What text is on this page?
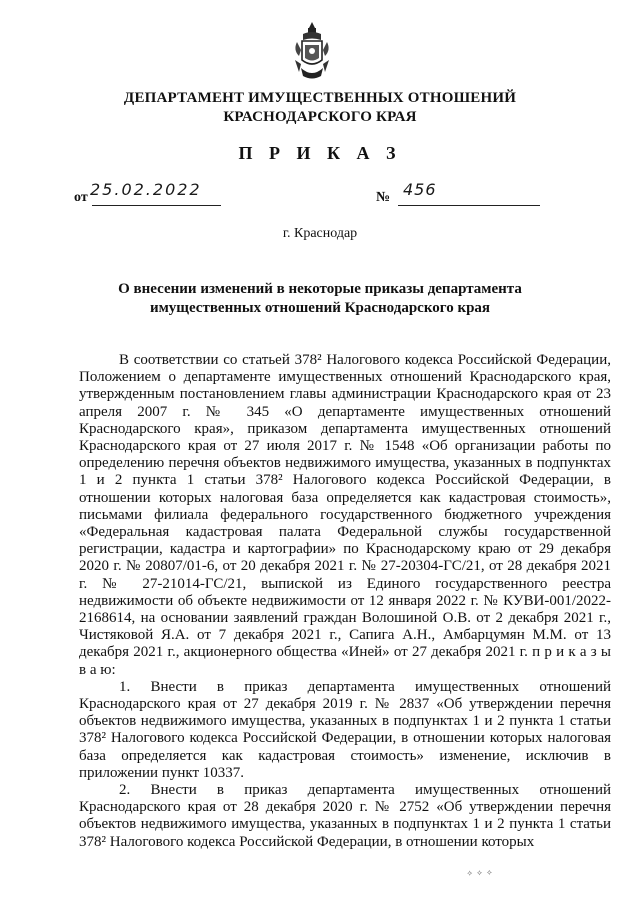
ДЕПАРТАМЕНТ ИМУЩЕСТВЕННЫХ ОТНОШЕНИЙ
КРАСНОДАРСКОГО КРАЯ
П Р И К А З
от 25.02.2022	№ 456
г. Краснодар
О внесении изменений в некоторые приказы департамента
имущественных отношений Краснодарского края

В соответствии со статьей 378² Налогового кодекса Российской Федерации, Положением о департаменте имущественных отношений Краснодарского края, утвержденным постановлением главы администрации Краснодарского края от 23 апреля 2007 г. № 345 «О департаменте имущественных отношений Краснодарского края», приказом департамента имущественных отношений Краснодарского края от 27 июля 2017 г. № 1548 «Об организации работы по определению перечня объектов недвижимого имущества, указанных в подпунктах 1 и 2 пункта 1 статьи 378² Налогового кодекса Российской Федерации, в отношении которых налоговая база определяется как кадастровая стоимость», письмами филиала федерального государственного бюджетного учреждения «Федеральная кадастровая палата Федеральной службы государственной регистрации, кадастра и картографии» по Краснодарскому краю от 29 декабря 2020 г. № 20807/01-6, от 20 декабря 2021 г. № 27-20304-ГС/21, от 28 декабря 2021 г. № 27-21014-ГС/21, выпиской из Единого государственного реестра недвижимости об объекте недвижимости от 12 января 2022 г. № КУВИ-001/2022-2168614, на основании заявлений граждан Волошиной О.В. от 2 декабря 2021 г., Чистяковой Я.А. от 7 декабря 2021 г., Сапига А.Н., Амбарцумян М.М. от 13 декабря 2021 г., акционерного общества «Иней» от 27 декабря 2021 г. п р и к а з ы в а ю:

1. Внести в приказ департамента имущественных отношений Краснодарского края от 27 декабря 2019 г. № 2837 «Об утверждении перечня объектов недвижимого имущества, указанных в подпунктах 1 и 2 пункта 1 статьи 378² Налогового кодекса Российской Федерации, в отношении которых налоговая база определяется как кадастровая стоимость» изменение, исключив в приложении пункт 10337.

2. Внести в приказ департамента имущественных отношений Краснодарского края от 28 декабря 2020 г. № 2752 «Об утверждении перечня объектов недвижимого имущества, указанных в подпунктах 1 и 2 пункта 1 статьи 378² Налогового кодекса Российской Федерации, в отношении которых

⟡ ⟡ ⟡
